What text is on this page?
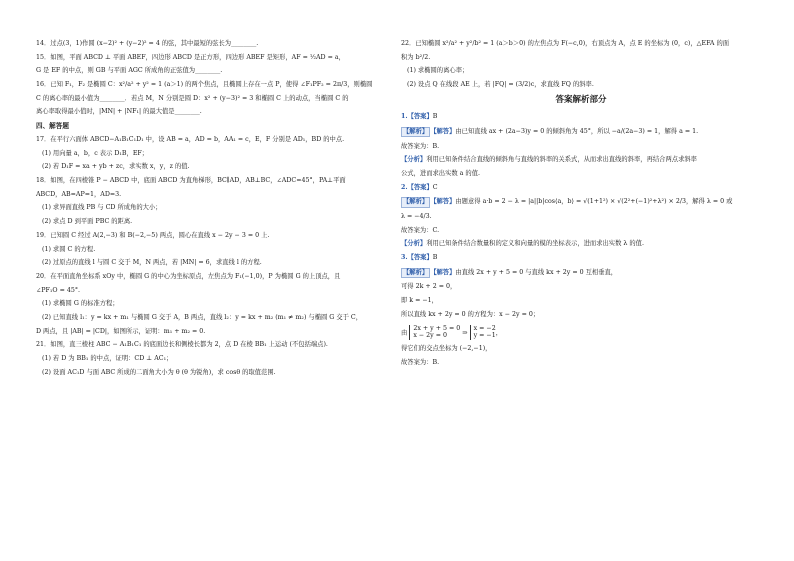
14．过点(3，1)作圆 (x−2)² + (y−2)² = 4 的弦，其中最短的弦长为________.

15．如图，平面 ABCD ⊥ 平面 ABEF，四边形 ABCD 是正方形，四边形 ABEF 是矩形，AF = ½AD = a，

G 是 EF 的中点，则 GB 与平面 AGC 所成角的正弦值为________.

16．已知 F₁，F₂ 是椭圆 C：x²/a² + y² = 1 (a＞1) 的两个焦点，且椭圆上存在一点 P，使得 ∠F₁PF₂ = 2π/3，则椭圆

C 的离心率的最小值为________．若点 M，N 分别是圆 D：x² + (y−3)² = 3 和椭圆 C 上的动点，当椭圆 C 的

离心率取得最小值时，|MN| + |NF₁| 的最大值是________.

四、解答题

17．在平行六面体 ABCD−A₁B₁C₁D₁ 中，设 AB = a，AD = b，AA₁ = c，E，F 分别是 AD₁，BD 的中点.

(1) 用向量 a，b，c 表示 D₁B，EF；

(2) 若 D₁F = xa + yb + zc，求实数 x，y，z 的值.

18．如图，在四棱锥 P − ABCD 中，底面 ABCD 为直角梯形，BC∥AD，AB⊥BC，∠ADC=45°，PA⊥平面

ABCD，AB=AP=1，AD=3.

(1) 求异面直线 PB 与 CD 所成角的大小；

(2) 求点 D 到平面 PBC 的距离.

19．已知圆 C 经过 A(2,−3) 和 B(−2,−5) 两点，圆心在直线 x − 2y − 3 = 0 上.

(1) 求圆 C 的方程.

(2) 过原点的直线 l 与圆 C 交于 M，N 两点，若 |MN| = 6，求直线 l 的方程.

20．在平面直角坐标系 xOy 中，椭圆 G 的中心为坐标原点，左焦点为 F₁(−1,0)，P 为椭圆 G 的上顶点，且

∠PF₁O = 45°.

(1) 求椭圆 G 的标准方程；

(2) 已知直线 l₁：y = kx + m₁ 与椭圆 G 交于 A，B 两点，直线 l₂：y = kx + m₂ (m₁ ≠ m₂) 与椭圆 G 交于 C，

D 两点，且 |AB| = |CD|，如图所示，证明：m₁ + m₂ = 0.

21．如图，直三棱柱 ABC − A₁B₁C₁ 的底面边长和侧棱长都为 2，点 D 在棱 BB₁ 上运动 (不包括端点).

(1) 若 D 为 BB₁ 的中点，证明：CD ⊥ AC₁；

(2) 设面 AC₁D 与面 ABC 所成的二面角大小为 θ (θ 为锐角)，求 cosθ 的取值范围.

22．已知椭圆 x²/a² + y²/b² = 1 (a＞b＞0) 的左焦点为 F(−c,0)，右顶点为 A，点 E 的坐标为 (0，c)，△EFA 的面

积为 b²/2.

(1) 求椭圆的离心率；

(2) 设点 Q 在线段 AE 上，若 |FQ| = (3/2)c，求直线 FQ 的斜率.

答案解析部分

1.【答案】B

【解析】 【解答】由已知直线 ax + (2a−3)y = 0 的倾斜角为 45°，所以 −a/(2a−3) = 1，解得 a = 1.

故答案为：B.

【分析】利用已知条件结合直线的倾斜角与直线的斜率的关系式，从而求出直线的斜率，再结合两点求斜率

公式，进而求出实数 a 的值.

2.【答案】C

【解析】 【解答】由题意得 a·b = 2 − λ = |a||b|cos⟨a，b⟩ = √(1+1²) × √(2²+(−1)²+λ²) × 2/3，解得 λ = 0 或

λ = −4/3.

故答案为：C.

【分析】利用已知条件结合数量积的定义和向量的模的坐标表示，进而求出实数 λ 的值.

3.【答案】B

【解析】 【解答】由直线 2x + y + 5 = 0 与直线 kx + 2y = 0 互相垂直，

可得 2k + 2 = 0，

即 k = −1，

所以直线 kx + 2y = 0 的方程为：x − 2y = 0；

由
2x + y + 5 = 0
x − 2y = 0	⇒
x = −2
y = −1 ，

得它们的交点坐标为 (−2,−1)，

故答案为：B.
